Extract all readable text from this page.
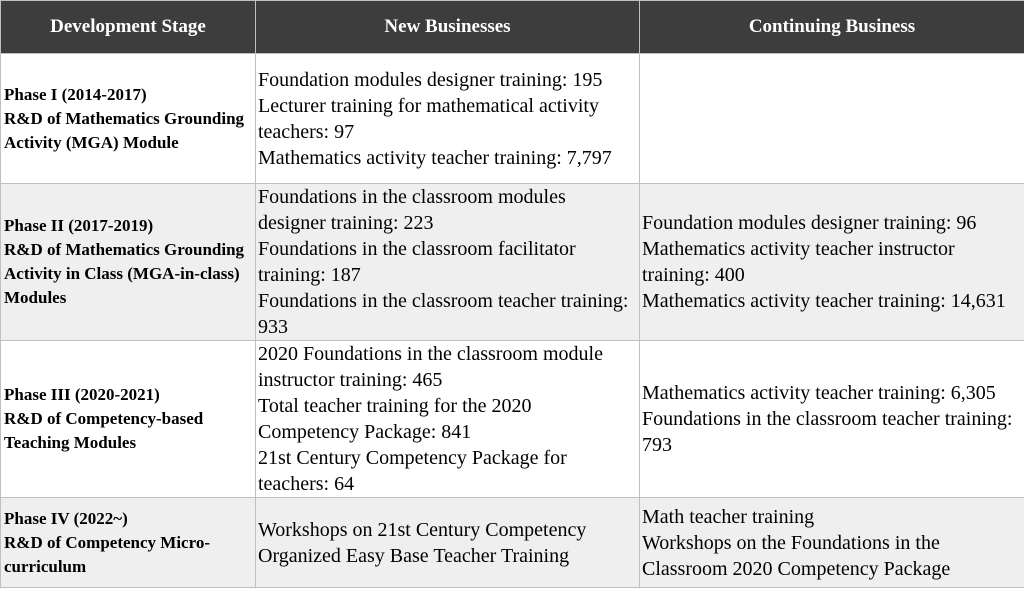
Development Stage	New Businesses	Continuing Business

Phase I (2014-2017)
R&D of Mathematics Grounding Activity (MGA) Module	Foundation modules designer training: 195
Lecturer training for mathematical activity teachers: 97
Mathematics activity teacher training: 7,797	

Phase II (2017-2019)
R&D of Mathematics Grounding Activity in Class (MGA-in-class) Modules	Foundations in the classroom modules designer training: 223
Foundations in the classroom facilitator training: 187
Foundations in the classroom teacher training: 933	Foundation modules designer training: 96
Mathematics activity teacher instructor training: 400
Mathematics activity teacher training: 14,631

Phase III (2020-2021)
R&D of Competency-based Teaching Modules	2020 Foundations in the classroom module instructor training: 465
Total teacher training for the 2020 Competency Package: 841
21st Century Competency Package for teachers: 64	Mathematics activity teacher training: 6,305
Foundations in the classroom teacher training: 793

Phase IV (2022~)
R&D of Competency Micro-curriculum	Workshops on 21st Century Competency Organized Easy Base Teacher Training	Math teacher training
Workshops on the Foundations in the Classroom 2020 Competency Package
